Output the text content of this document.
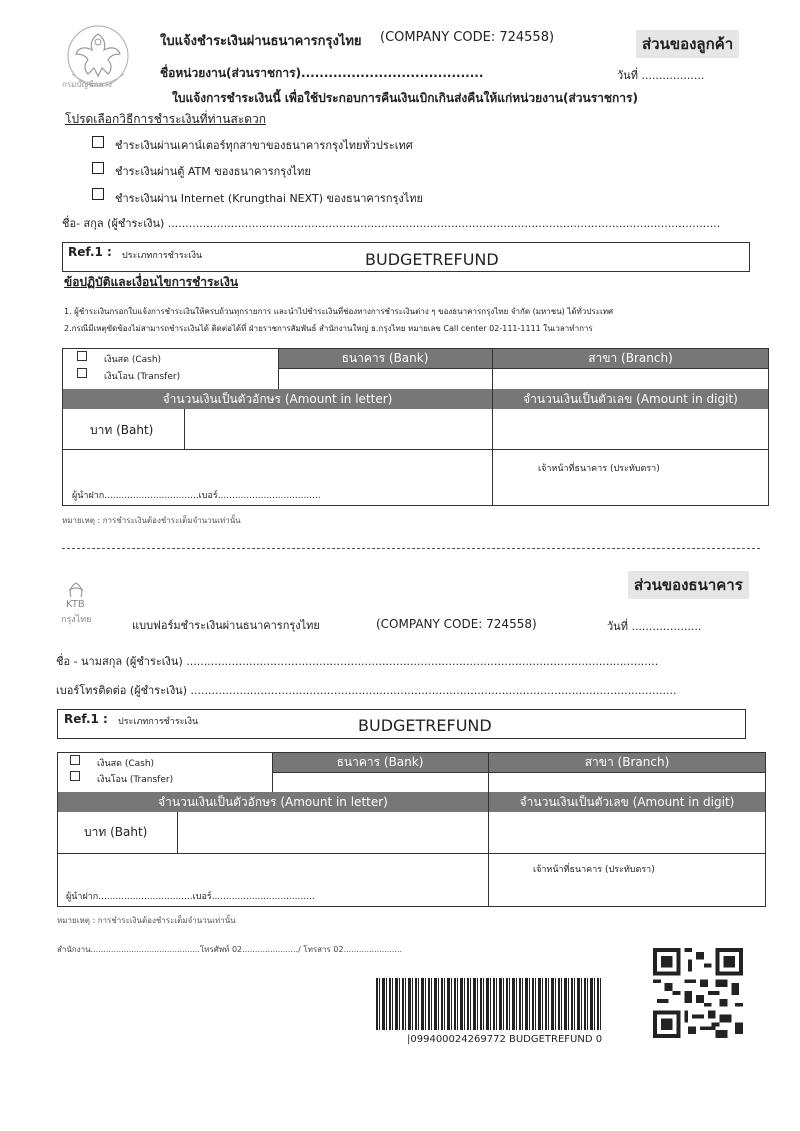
กรมบัญชีกลาง
ใบแจ้งชำระเงินผ่านธนาคารกรุงไทย (COMPANY CODE: 724558)	ส่วนของลูกค้า
ชื่อหน่วยงาน(ส่วนราชการ)........................................	วันที่ ..................
ใบแจ้งการชำระเงินนี้ เพื่อใช้ประกอบการคืนเงินเบิกเกินส่งคืนให้แก่หน่วยงาน(ส่วนราชการ)
โปรดเลือกวิธีการชำระเงินที่ท่านสะดวก
ชำระเงินผ่านเคาน์เตอร์ทุกสาขาของธนาคารกรุงไทยทั่วประเทศ
ชำระเงินผ่านตู้ ATM ของธนาคารกรุงไทย
ชำระเงินผ่าน Internet (Krungthai NEXT) ของธนาคารกรุงไทย
ชื่อ- สกุล (ผู้ชำระเงิน) ..............................................................................................................................................................
Ref.1 : ประเภทการชำระเงิน	BUDGETREFUND
ข้อปฏิบัติและเงื่อนไขการชำระเงิน
1. ผู้ชำระเงินกรอกใบแจ้งการชำระเงินให้ครบถ้วนทุกรายการ และนำไปชำระเงินที่ช่องทางการชำระเงินต่าง ๆ ของธนาคารกรุงไทย จำกัด (มหาชน) ได้ทั่วประเทศ
2.กรณีมีเหตุขัดข้องไม่สามารถชำระเงินได้ ติดต่อได้ที่ ฝ่ายราชการสัมพันธ์ สำนักงานใหญ่ ธ.กรุงไทย หมายเลข Call center 02-111-1111 ในเวลาทำการ
เงินสด (Cash)
เงินโอน (Transfer)
ธนาคาร (Bank)	สาขา (Branch)
จำนวนเงินเป็นตัวอักษร (Amount in letter)	จำนวนเงินเป็นตัวเลข (Amount in digit)
บาท (Baht)
เจ้าหน้าที่ธนาคาร (ประทับตรา)
ผู้นำฝาก.................................เบอร์....................................
หมายเหตุ : การชำระเงินต้องชำระเต็มจำนวนเท่านั้น
ส่วนของธนาคาร
KTB
กรุงไทย	แบบฟอร์มชำระเงินผ่านธนาคารกรุงไทย	(COMPANY CODE: 724558)	วันที่ ....................
ชื่อ - นามสกุล (ผู้ชำระเงิน) .......................................................................................................................................
เบอร์โทรติดต่อ (ผู้ชำระเงิน) ...........................................................................................................................................
Ref.1 : ประเภทการชำระเงิน	BUDGETREFUND
เงินสด (Cash)
เงินโอน (Transfer)
ธนาคาร (Bank)	สาขา (Branch)
จำนวนเงินเป็นตัวอักษร (Amount in letter)	จำนวนเงินเป็นตัวเลข (Amount in digit)
บาท (Baht)
เจ้าหน้าที่ธนาคาร (ประทับตรา)
ผู้นำฝาก.................................เบอร์....................................
หมายเหตุ : การชำระเงินต้องชำระเต็มจำนวนเท่านั้น
สำนักงาน...........................................โทรศัพท์ 02....................../ โทรสาร 02.......................
|099400024269772 BUDGETREFUND 0
